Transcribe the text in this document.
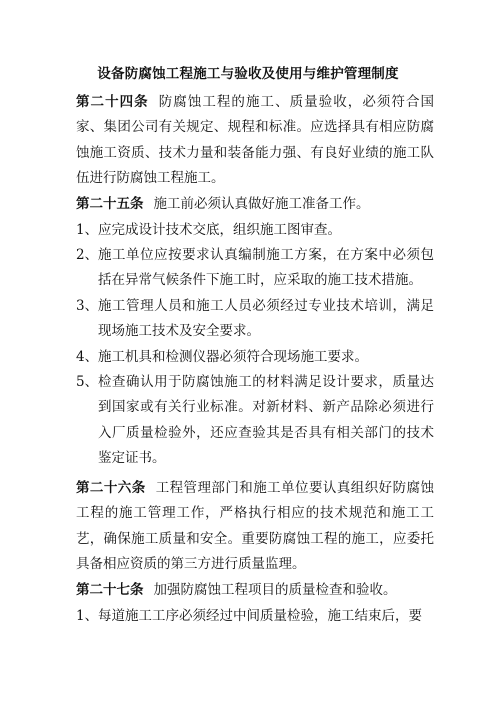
设备防腐蚀工程施工与验收及使用与维护管理制度
第二十四条 防腐蚀工程的施工、质量验收，必须符合国家、集团公司有关规定、规程和标准。应选择具有相应防腐蚀施工资质、技术力量和装备能力强、有良好业绩的施工队伍进行防腐蚀工程施工。
第二十五条 施工前必须认真做好施工准备工作。
1、 应完成设计技术交底，组织施工图审查。
2、 施工单位应按要求认真编制施工方案，在方案中必须包括在异常气候条件下施工时，应采取的施工技术措施。
3、 施工管理人员和施工人员必须经过专业技术培训，满足现场施工技术及安全要求。
4、 施工机具和检测仪器必须符合现场施工要求。
5、 检查确认用于防腐蚀施工的材料满足设计要求，质量达到国家或有关行业标准。对新材料、新产品除必须进行入厂质量检验外，还应查验其是否具有相关部门的技术鉴定证书。
第二十六条 工程管理部门和施工单位要认真组织好防腐蚀工程的施工管理工作，严格执行相应的技术规范和施工工艺，确保施工质量和安全。重要防腐蚀工程的施工，应委托具备相应资质的第三方进行质量监理。
第二十七条 加强防腐蚀工程项目的质量检查和验收。
1、 每道施工工序必须经过中间质量检验，施工结束后，要
